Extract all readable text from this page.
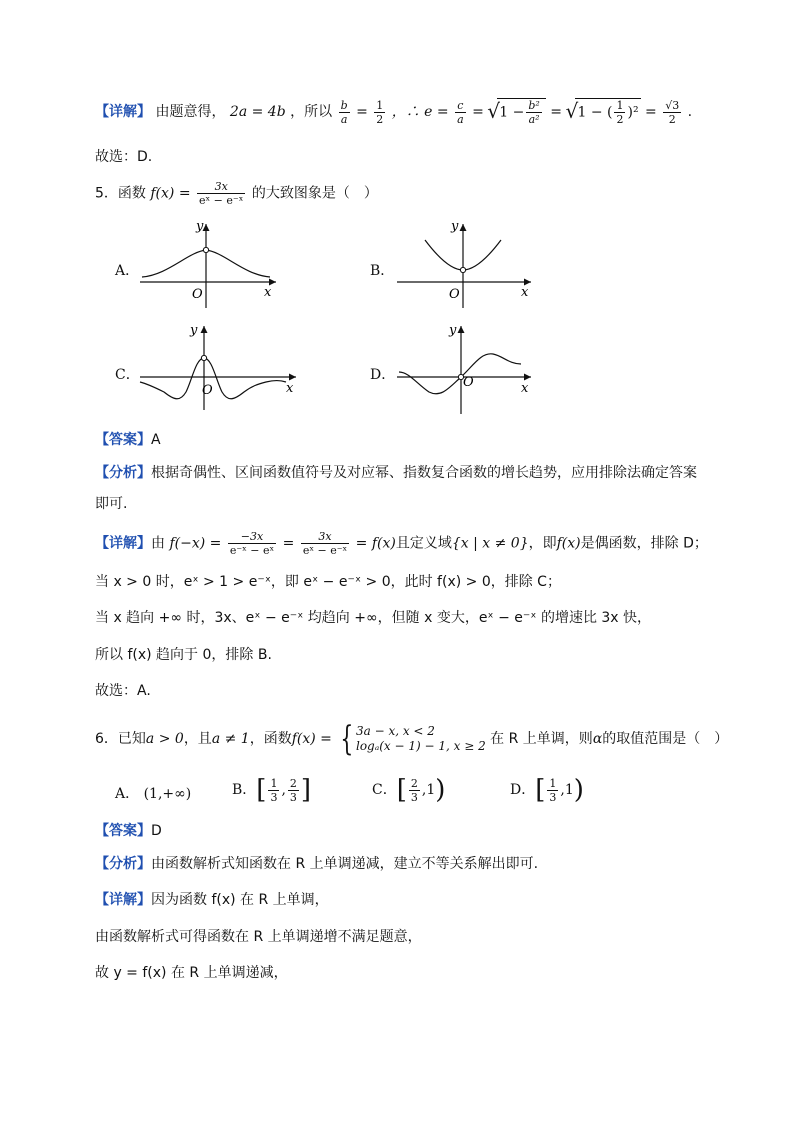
【详解】 由题意得， 2a = 4b ，所以 $\frac{b}{a} = \frac{1}{2}$ ，∴ $e = \frac{c}{a}$ = √ $1 - \frac{\text{b²}}{\text{a²}}$ = √ 1 − ( $\frac{1}{2} )^2 = \frac{√3}{2}$ .
故选：D.
5．函数 $f(x) = \frac{3x}{\text{eˣ − e⁻ˣ}}$ 的大致图象是（　）
A．	B．
C．	D．
y
x
O
y
x
O
y
x
O
y
x
O
【答案】A
【分析】根据奇偶性、区间函数值符号及对应幂、指数复合函数的增长趋势，应用排除法确定答案
即可.
【详解】由 $f(-x) = \frac{-3x}{\text{e⁻ˣ − eˣ}} = \frac{3x}{\text{eˣ − e⁻ˣ}} = f(x)$且定义域{x | x ≠ 0}，即f(x)是偶函数，排除 D；
当 x > 0 时，eˣ > 1 > e⁻ˣ，即 eˣ − e⁻ˣ > 0，此时 f(x) > 0，排除 C；
当 x 趋向 +∞ 时，3x、eˣ − e⁻ˣ 均趋向 +∞，但随 x 变大，eˣ − e⁻ˣ 的增速比 3x 快，
所以 f(x) 趋向于 0，排除 B.
故选：A.
6．已知a > 0，且a ≠ 1，函数f(x) = { 3a − x, x < 2
logₐ(x − 1) − 1, x ≥ 2 在 R 上单调，则α的取值范围是（　）
A． (1,+∞)	B．[ $\frac{1}{3}$ , $\frac{2}{3}$ ]	C．[ $\frac{2}{3} ,1$)	D．[ $\frac{1}{3} ,1$)
【答案】D
【分析】由函数解析式知函数在 R 上单调递减，建立不等关系解出即可.
【详解】因为函数 f(x) 在 R 上单调，
由函数解析式可得函数在 R 上单调递增不满足题意，
故 y = f(x) 在 R 上单调递减，
